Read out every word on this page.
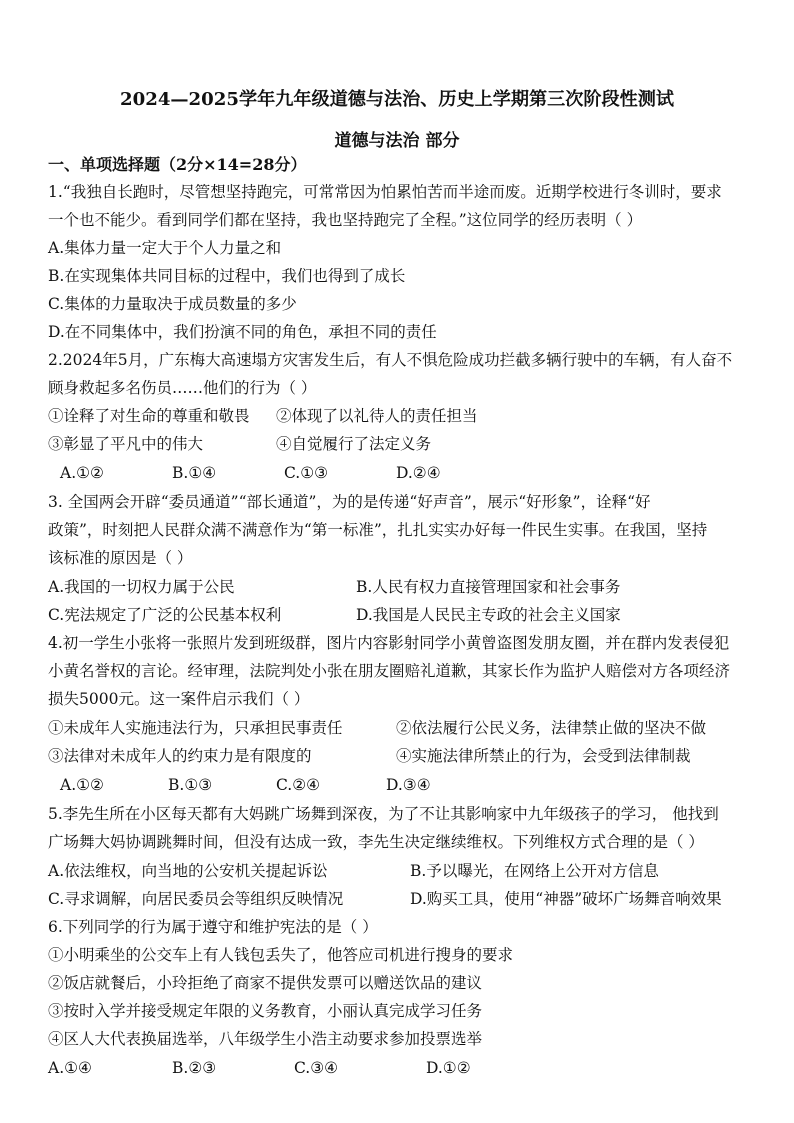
2024—2025学年九年级道德与法治、历史上学期第三次阶段性测试
道德与法治 部分
一、单项选择题（2分×14=28分）
1.“我独自长跑时，尽管想坚持跑完，可常常因为怕累怕苦而半途而废。近期学校进行冬训时，要求
一个也不能少。看到同学们都在坚持，我也坚持跑完了全程。”这位同学的经历表明（ ）
A.集体力量一定大于个人力量之和
B.在实现集体共同目标的过程中，我们也得到了成长
C.集体的力量取决于成员数量的多少
D.在不同集体中，我们扮演不同的角色，承担不同的责任
2.2024年5月，广东梅大高速塌方灾害发生后，有人不惧危险成功拦截多辆行驶中的车辆，有人奋不
顾身救起多名伤员……他们的行为（ ）
①诠释了对生命的尊重和敬畏 ②体现了以礼待人的责任担当
③彰显了平凡中的伟大	④自觉履行了法定义务
A.①②	B.①④	C.①③	D.②④
3. 全国两会开辟“委员通道”“部长通道”，为的是传递“好声音”，展示“好形象”，诠释“好
政策”，时刻把人民群众满不满意作为“第一标准”，扎扎实实办好每一件民生实事。在我国，坚持
该标准的原因是（ ）
A.我国的一切权力属于公民	B.人民有权力直接管理国家和社会事务
C.宪法规定了广泛的公民基本权利	D.我国是人民民主专政的社会主义国家
4.初一学生小张将一张照片发到班级群，图片内容影射同学小黄曾盗图发朋友圈，并在群内发表侵犯
小黄名誉权的言论。经审理，法院判处小张在朋友圈赔礼道歉，其家长作为监护人赔偿对方各项经济
损失5000元。这一案件启示我们（ ）
①未成年人实施违法行为，只承担民事责任	②依法履行公民义务，法律禁止做的坚决不做
③法律对未成年人的约束力是有限度的	④实施法律所禁止的行为，会受到法律制裁
A.①②	B.①③	C.②④	D.③④
5.李先生所在小区每天都有大妈跳广场舞到深夜，为了不让其影响家中九年级孩子的学习， 他找到
广场舞大妈协调跳舞时间，但没有达成一致，李先生决定继续维权。下列维权方式合理的是（ ）
A.依法维权，向当地的公安机关提起诉讼	B.予以曝光，在网络上公开对方信息
C.寻求调解，向居民委员会等组织反映情况	D.购买工具，使用“神器”破坏广场舞音响效果
6.下列同学的行为属于遵守和维护宪法的是（ ）
①小明乘坐的公交车上有人钱包丢失了，他答应司机进行搜身的要求
②饭店就餐后，小玲拒绝了商家不提供发票可以赠送饮品的建议
③按时入学并接受规定年限的义务教育，小丽认真完成学习任务
④区人大代表换届选举，八年级学生小浩主动要求参加投票选举
A.①④	B.②③	C.③④	D.①②
